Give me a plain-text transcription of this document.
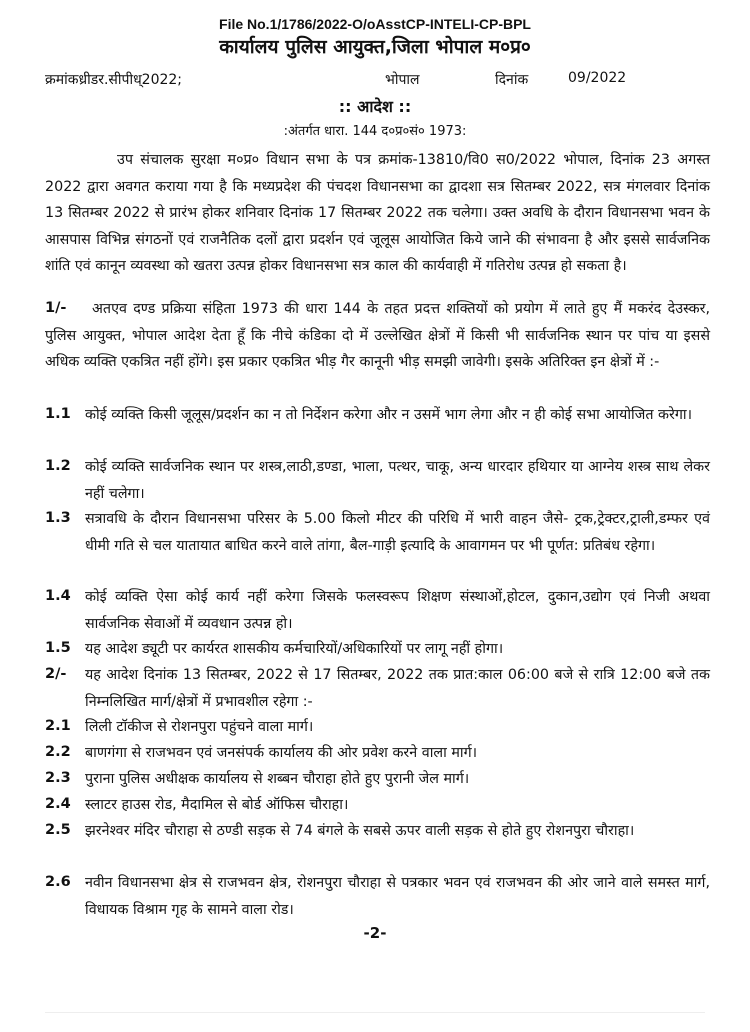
File No.1/1786/2022-O/oAsstCP-INTELI-CP-BPL
कार्यालय पुलिस आयुक्त,जिला भोपाल म०प्र०
क्रमांकध्रीडर.सीपीध्2022;	भोपाल	दिनांक	09/2022
:: आदेश ::
:अंतर्गत धारा. 144 द०प्र०सं० 1973:
उप संचालक सुरक्षा म०प्र० विधान सभा के पत्र क्रमांक-13810/वि0 स0/2022 भोपाल, दिनांक 23 अगस्त 2022 द्वारा अवगत कराया गया है कि मध्यप्रदेश की पंचदश विधानसभा का द्वादशा सत्र सितम्बर 2022, सत्र मंगलवार दिनांक 13 सितम्बर 2022 से प्रारंभ होकर शनिवार दिनांक 17 सितम्बर 2022 तक चलेगा। उक्त अवधि के दौरान विधानसभा भवन के आसपास विभिन्न संगठनों एवं राजनैतिक दलों द्वारा प्रदर्शन एवं जूलूस आयोजित किये जाने की संभावना है और इससे सार्वजनिक शांति एवं कानून व्यवस्था को खतरा उत्पन्न होकर विधानसभा सत्र काल की कार्यवाही में गतिरोध उत्पन्न हो सकता है।
1/-	अतएव दण्ड प्रक्रिया संहिता 1973 की धारा 144 के तहत प्रदत्त शक्तियों को प्रयोग में लाते हुए मैं मकरंद देउस्कर, पुलिस आयुक्त, भोपाल आदेश देता हूँ कि नीचे कंडिका दो में उल्लेखित क्षेत्रों में किसी भी सार्वजनिक स्थान पर पांच या इससे अधिक व्यक्ति एकत्रित नहीं होंगे। इस प्रकार एकत्रित भीड़ गैर कानूनी भीड़ समझी जावेगी। इसके अतिरिक्त इन क्षेत्रों में :-
1.1 कोई व्यक्ति किसी जूलूस/प्रदर्शन का न तो निर्देशन करेगा और न उसमें भाग लेगा और न ही कोई सभा आयोजित करेगा।
1.2 कोई व्यक्ति सार्वजनिक स्थान पर शस्त्र,लाठी,डण्डा, भाला, पत्थर, चाकू, अन्य धारदार हथियार या आग्नेय शस्त्र साथ लेकर नहीं चलेगा।
1.3 सत्रावधि के दौरान विधानसभा परिसर के 5.00 किलो मीटर की परिधि में भारी वाहन जैसे- ट्रक,ट्रेक्टर,ट्राली,डम्फर एवं धीमी गति से चल यातायात बाधित करने वाले तांगा, बैल-गाड़ी इत्यादि के आवागमन पर भी पूर्णत: प्रतिबंध रहेगा।
1.4 कोई व्यक्ति ऐसा कोई कार्य नहीं करेगा जिसके फलस्वरूप शिक्षण संस्थाओं,होटल, दुकान,उद्योग एवं निजी अथवा सार्वजनिक सेवाओं में व्यवधान उत्पन्न हो।
1.5 यह आदेश ड्यूटी पर कार्यरत शासकीय कर्मचारियों/अधिकारियों पर लागू नहीं होगा।
2/- यह आदेश दिनांक 13 सितम्बर, 2022 से 17 सितम्बर, 2022 तक प्रात:काल 06:00 बजे से रात्रि 12:00 बजे तक निम्नलिखित मार्ग/क्षेत्रों में प्रभावशील रहेगा :-
2.1 लिली टॉकीज से रोशनपुरा पहुंचने वाला मार्ग।
2.2 बाणगंगा से राजभवन एवं जनसंपर्क कार्यालय की ओर प्रवेश करने वाला मार्ग।
2.3 पुराना पुलिस अधीक्षक कार्यालय से शब्बन चौराहा होते हुए पुरानी जेल मार्ग।
2.4 स्लाटर हाउस रोड, मैदामिल से बोर्ड ऑफिस चौराहा।
2.5 झरनेश्वर मंदिर चौराहा से ठण्डी सड़क से 74 बंगले के सबसे ऊपर वाली सड़क से होते हुए रोशनपुरा चौराहा।
2.6 नवीन विधानसभा क्षेत्र से राजभवन क्षेत्र, रोशनपुरा चौराहा से पत्रकार भवन एवं राजभवन की ओर जाने वाले समस्त मार्ग, विधायक विश्राम गृह के सामने वाला रोड।
-2-
